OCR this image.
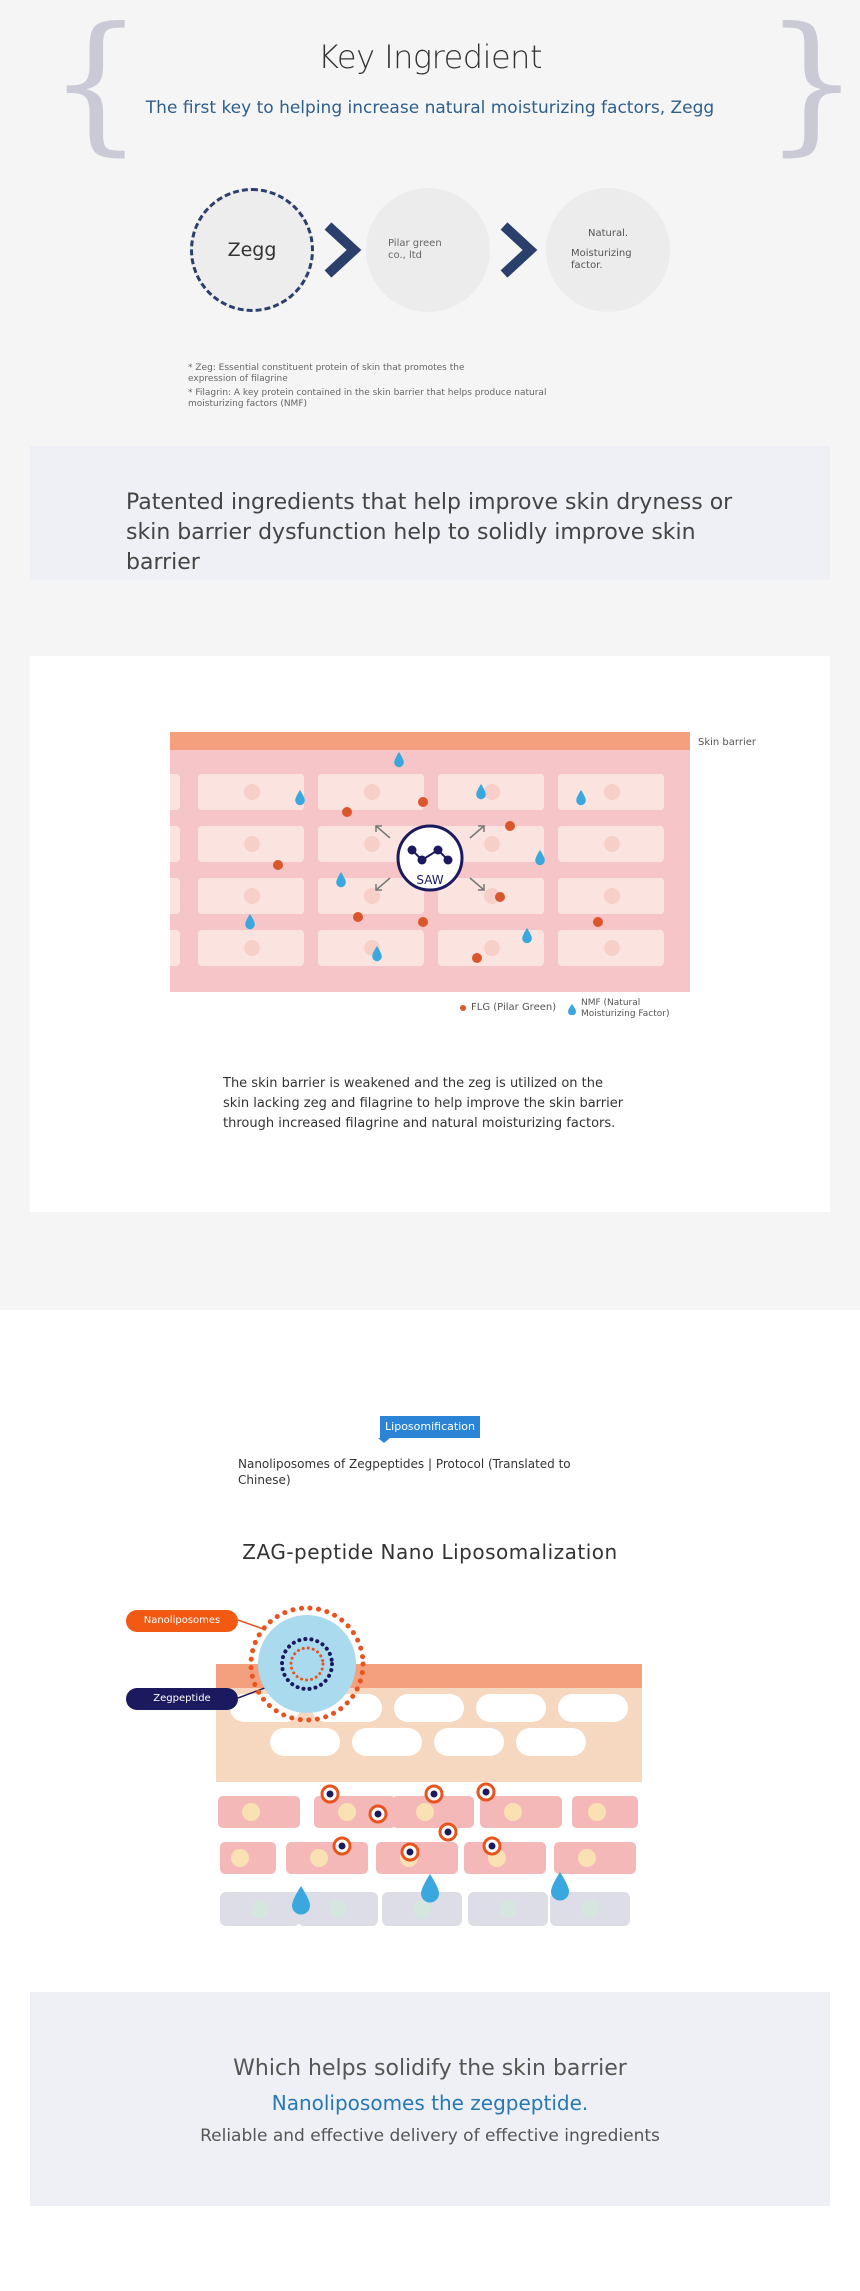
{	}
Key Ingredient
The first key to helping increase natural moisturizing factors, Zegg
Zegg	Pilar green co., ltd
Natural.
Moisturizing factor.
* Zeg: Essential constituent protein of skin that promotes the expression of filagrine
* Filagrin: A key protein contained in the skin barrier that helps produce natural moisturizing factors (NMF)
Patented ingredients that help improve skin dryness or skin barrier dysfunction help to solidly improve skin barrier
SAW
Skin barrier
FLG (Pilar Green)	NMF (Natural Moisturizing Factor)
The skin barrier is weakened and the zeg is utilized on the skin lacking zeg and filagrine to help improve the skin barrier through increased filagrine and natural moisturizing factors.
Liposomification
Nanoliposomes of Zegpeptides | Protocol (Translated to Chinese)
ZAG-peptide Nano Liposomalization
Nanoliposomes
Zegpeptide
Which helps solidify the skin barrier
Nanoliposomes the zegpeptide.
Reliable and effective delivery of effective ingredients
